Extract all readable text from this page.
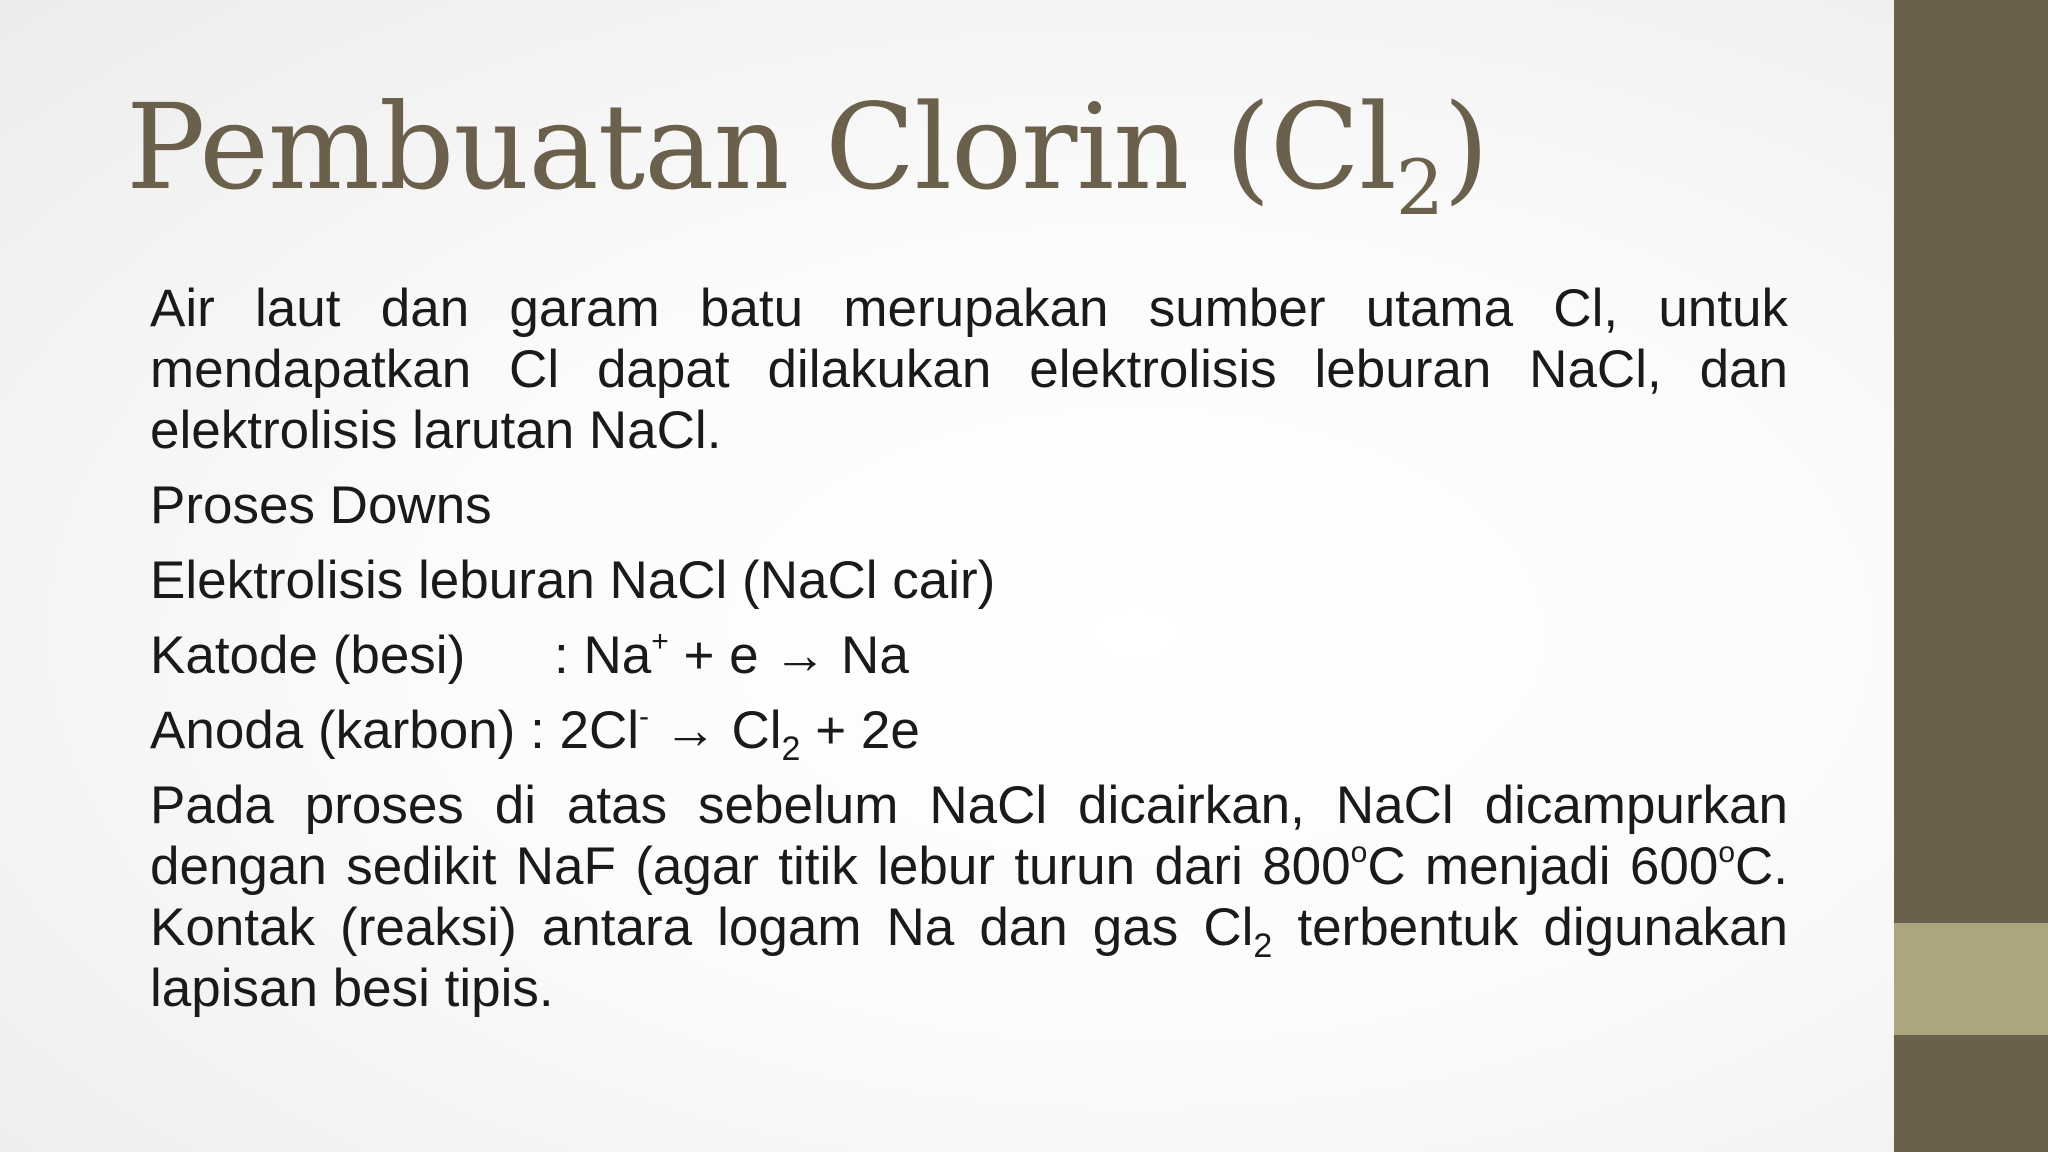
Pembuatan Clorin $(Cl_2)$

Air laut dan garam batu merupakan sumber utama Cl, untuk mendapatkan Cl dapat dilakukan elektrolisis leburan NaCl, dan elektrolisis larutan NaCl.

Proses Downs

Elektrolisis leburan NaCl (NaCl cair)

Katode (besi) : Na+ + e → Na

Anoda (karbon) : $2Cl^- \to Cl_2 + 2e$

Pada proses di atas sebelum NaCl dicairkan, NaCl dicampurkan dengan sedikit NaF (agar titik lebur turun dari 800$^o$C menjadi 600$^o$C. Kontak (reaksi) antara logam Na dan gas $Cl_2$ terbentuk digunakan lapisan besi tipis.
